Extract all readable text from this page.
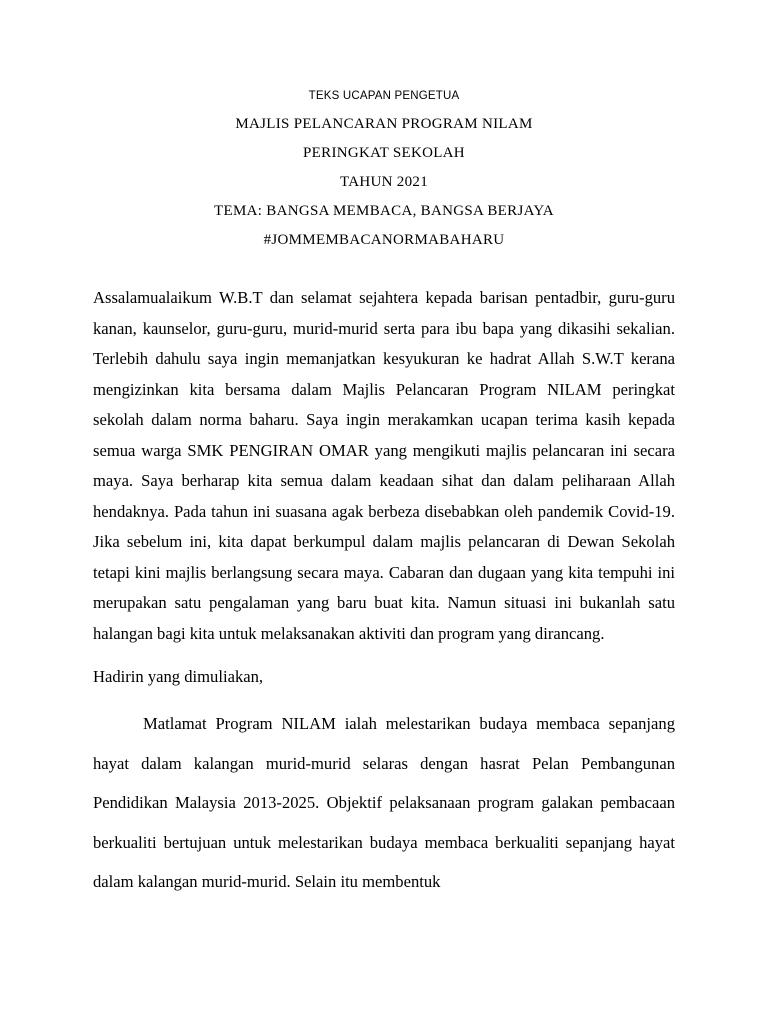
TEKS UCAPAN PENGETUA

MAJLIS PELANCARAN PROGRAM NILAM

PERINGKAT SEKOLAH

TAHUN 2021

TEMA: BANGSA MEMBACA, BANGSA BERJAYA

#JOMMEMBACANORMABAHARU

Assalamualaikum W.B.T dan selamat sejahtera kepada barisan pentadbir, guru-guru kanan, kaunselor, guru-guru, murid-murid serta para ibu bapa yang dikasihi sekalian. Terlebih dahulu saya ingin memanjatkan kesyukuran ke hadrat Allah S.W.T kerana mengizinkan kita bersama dalam Majlis Pelancaran Program NILAM peringkat sekolah dalam norma baharu. Saya ingin merakamkan ucapan terima kasih kepada semua warga SMK PENGIRAN OMAR yang mengikuti majlis pelancaran ini secara maya. Saya berharap kita semua dalam keadaan sihat dan dalam peliharaan Allah hendaknya. Pada tahun ini suasana agak berbeza disebabkan oleh pandemik Covid-19. Jika sebelum ini, kita dapat berkumpul dalam majlis pelancaran di Dewan Sekolah tetapi kini majlis berlangsung secara maya. Cabaran dan dugaan yang kita tempuhi ini merupakan satu pengalaman yang baru buat kita. Namun situasi ini bukanlah satu halangan bagi kita untuk melaksanakan aktiviti dan program yang dirancang.

Hadirin yang dimuliakan,

Matlamat Program NILAM ialah melestarikan budaya membaca sepanjang hayat dalam kalangan murid-murid selaras dengan hasrat Pelan Pembangunan Pendidikan Malaysia 2013-2025. Objektif pelaksanaan program galakan pembacaan berkualiti bertujuan untuk melestarikan budaya membaca berkualiti sepanjang hayat dalam kalangan murid-murid. Selain itu membentuk
